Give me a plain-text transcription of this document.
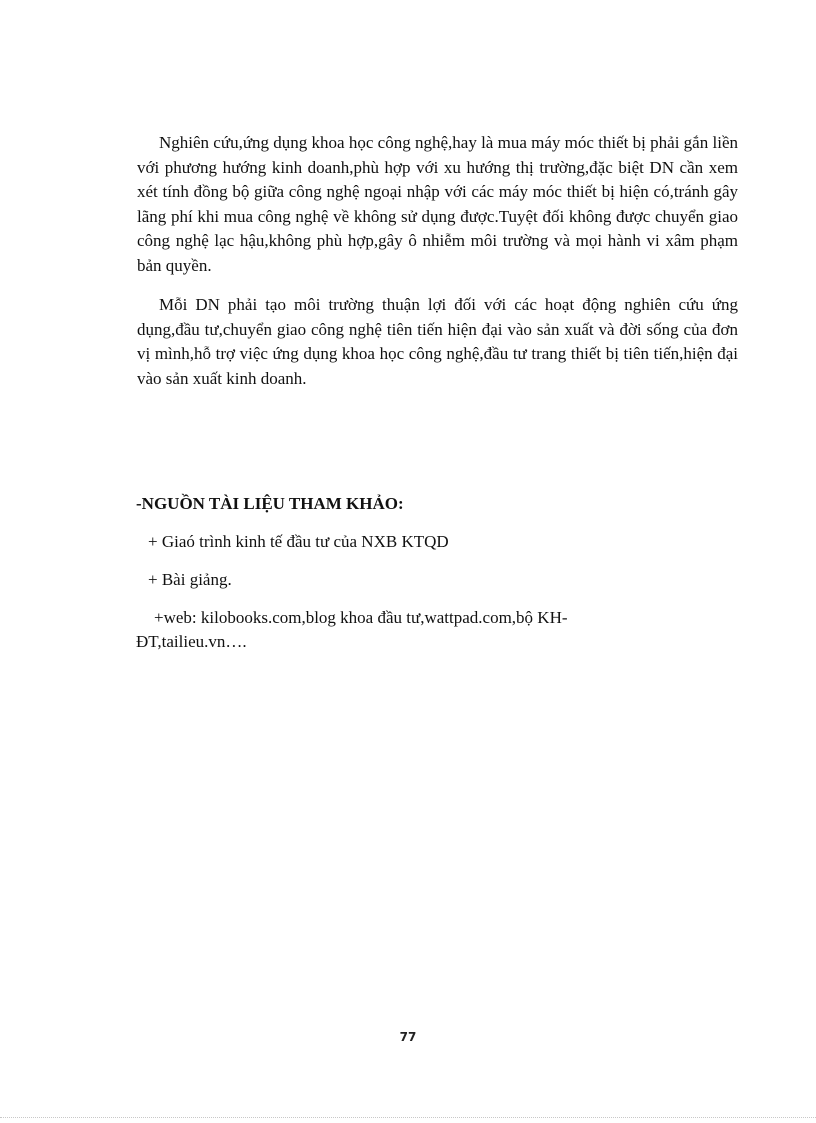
Nghiên cứu,ứng dụng khoa học công nghệ,hay là mua máy móc thiết bị phải gắn liền với phương hướng kinh doanh,phù hợp với xu hướng thị trường,đặc biệt DN cần xem xét tính đồng bộ giữa công nghệ ngoại nhập với các máy móc thiết bị hiện có,tránh gây lãng phí khi mua công nghệ về không sử dụng được.Tuyệt đối không được chuyển giao công nghệ lạc hậu,không phù hợp,gây ô nhiễm môi trường và mọi hành vi xâm phạm bản quyền.

Mỗi DN phải tạo môi trường thuận lợi đối với các hoạt động nghiên cứu ứng dụng,đầu tư,chuyển giao công nghệ tiên tiến hiện đại vào sản xuất và đời sống của đơn vị mình,hỗ trợ việc ứng dụng khoa học công nghệ,đầu tư trang thiết bị tiên tiến,hiện đại vào sản xuất kinh doanh.

-NGUỒN TÀI LIỆU THAM KHẢO:

+ Giaó trình kinh tế đầu tư của NXB KTQD

+ Bài giảng.

+web: kilobooks.com,blog khoa đầu tư,wattpad.com,bộ KH-ĐT,tailieu.vn….

77
